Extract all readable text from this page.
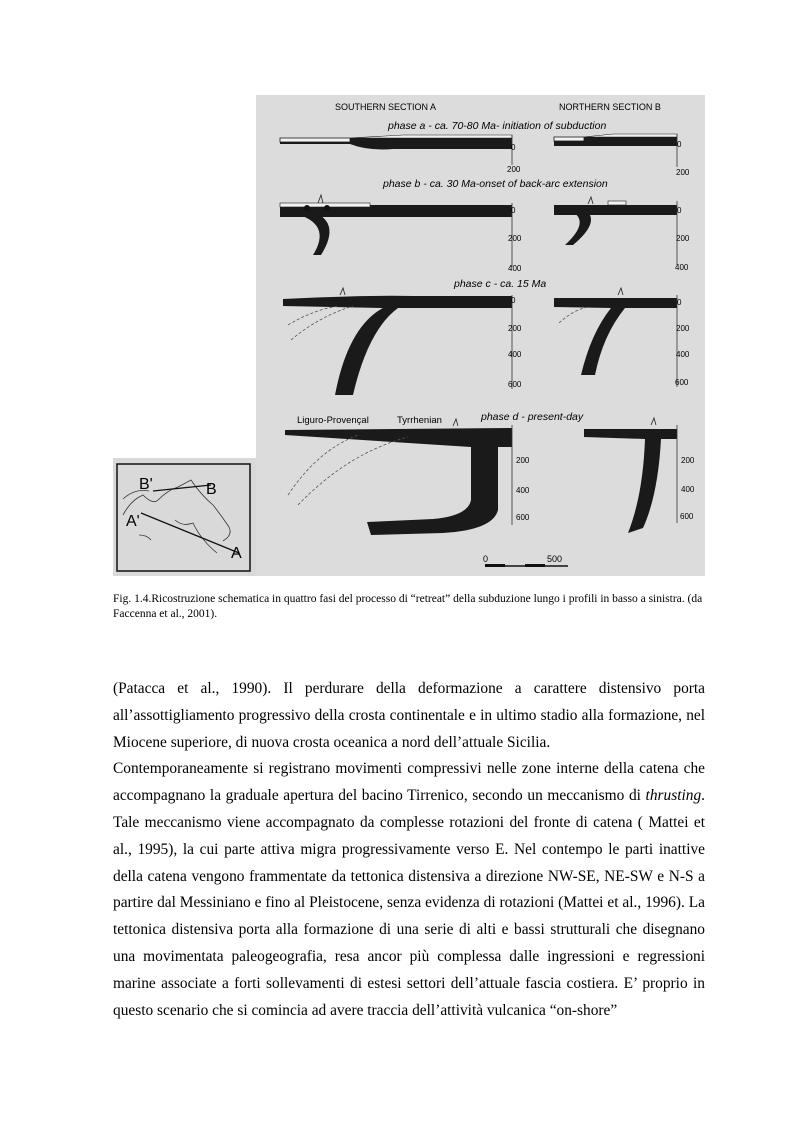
SOUTHERN SECTION A	NORTHERN SECTION B
phase a - ca. 70-80 Ma- initiation of subduction
0
200
0
200
phase b - ca. 30 Ma-onset of back-arc extension
0
200
400
0
200
400
phase c - ca. 15 Ma
0
200
400
600
0
200
400
600
Liguro-Provençal	Tyrrhenian	phase d - present-day
200
400
600
200
400
600
0	500
B'	B
A'
A
Fig. 1.4.Ricostruzione schematica in quattro fasi del processo di “retreat” della subduzione lungo i profili in basso a sinistra. (da Faccenna et al., 2001).

(Patacca et al., 1990). Il perdurare della deformazione a carattere distensivo porta all’assottigliamento progressivo della crosta continentale e in ultimo stadio alla formazione, nel Miocene superiore, di nuova crosta oceanica a nord dell’attuale Sicilia.

Contemporaneamente si registrano movimenti compressivi nelle zone interne della catena che accompagnano la graduale apertura del bacino Tirrenico, secondo un meccanismo di thrusting. Tale meccanismo viene accompagnato da complesse rotazioni del fronte di catena ( Mattei et al., 1995), la cui parte attiva migra progressivamente verso E. Nel contempo le parti inattive della catena vengono frammentate da tettonica distensiva a direzione NW-SE, NE-SW e N-S a partire dal Messiniano e fino al Pleistocene, senza evidenza di rotazioni (Mattei et al., 1996). La tettonica distensiva porta alla formazione di una serie di alti e bassi strutturali che disegnano una movimentata paleogeografia, resa ancor più complessa dalle ingressioni e regressioni marine associate a forti sollevamenti di estesi settori dell’attuale fascia costiera. E’ proprio in questo scenario che si comincia ad avere traccia dell’attività vulcanica “on-shore”
